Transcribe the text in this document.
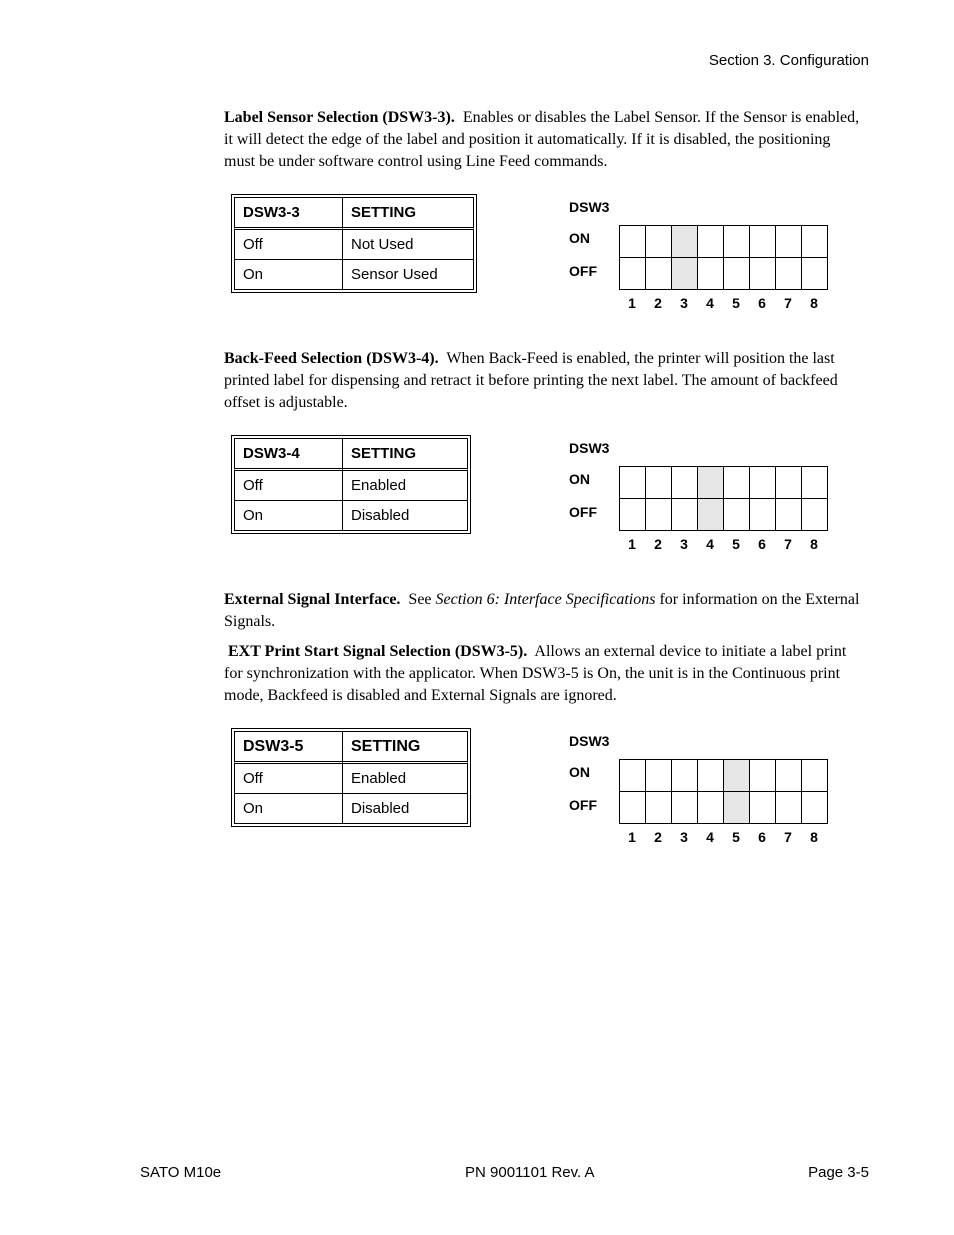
Section 3. Configuration

Label Sensor Selection (DSW3-3). Enables or disables the Label Sensor. If the Sensor is enabled, it will detect the edge of the label and position it automatically. If it is disabled, the positioning must be under software control using Line Feed commands.

DSW3-3	SETTING
Off	Not Used
On	Sensor Used
DSW3
ON
OFF
1	2	3	4	5	6	7	8

Back-Feed Selection (DSW3-4). When Back-Feed is enabled, the printer will position the last printed label for dispensing and retract it before printing the next label. The amount of backfeed offset is adjustable.

DSW3-4	SETTING
Off	Enabled
On	Disabled
DSW3
ON
OFF
1	2	3	4	5	6	7	8

External Signal Interface. See Section 6: Interface Specifications for information on the External Signals.

EXT Print Start Signal Selection (DSW3-5). Allows an external device to initiate a label print for synchronization with the applicator. When DSW3-5 is On, the unit is in the Continuous print mode, Backfeed is disabled and External Signals are ignored.

DSW3-5	SETTING
Off	Enabled
On	Disabled
DSW3
ON
OFF
1	2	3	4	5	6	7	8
SATO M10e	PN 9001101 Rev. A	Page 3-5
